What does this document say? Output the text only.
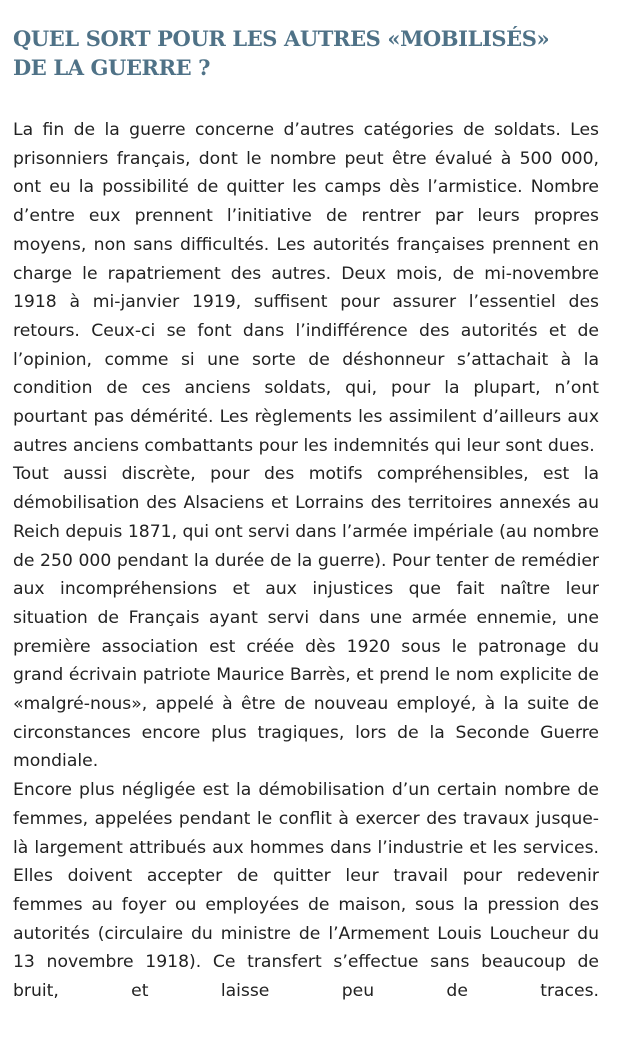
QUEL SORT POUR LES AUTRES «MOBILISÉS»
DE LA GUERRE ?

La fin de la guerre concerne d’autres catégories de soldats. Les prisonniers français, dont le nombre peut être évalué à 500 000, ont eu la possibilité de quitter les camps dès l’armistice. Nombre d’entre eux prennent l’initiative de rentrer par leurs propres moyens, non sans difficultés. Les autorités françaises prennent en charge le rapatriement des autres. Deux mois, de mi-novembre 1918 à mi-janvier 1919, suffisent pour assurer l’essentiel des retours. Ceux-ci se font dans l’indifférence des autorités et de l’opinion, comme si une sorte de déshonneur s’attachait à la condition de ces anciens soldats, qui, pour la plupart, n’ont pourtant pas démérité. Les règlements les assimilent d’ailleurs aux autres anciens combattants pour les indemnités qui leur sont dues.

Tout aussi discrète, pour des motifs compréhensibles, est la démobilisation des Alsaciens et Lorrains des territoires annexés au Reich depuis 1871, qui ont servi dans l’armée impériale (au nombre de 250 000 pendant la durée de la guerre). Pour tenter de remédier aux incompréhensions et aux injustices que fait naître leur situation de Français ayant servi dans une armée ennemie, une première association est créée dès 1920 sous le patronage du grand écrivain patriote Maurice Barrès, et prend le nom explicite de «malgré-nous», appelé à être de nouveau employé, à la suite de circonstances encore plus tragiques, lors de la Seconde Guerre mondiale.

Encore plus négligée est la démobilisation d’un certain nombre de femmes, appelées pendant le conflit à exercer des travaux jusque-là largement attribués aux hommes dans l’industrie et les services. Elles doivent accepter de quitter leur travail pour redevenir femmes au foyer ou employées de maison, sous la pression des autorités (circulaire du ministre de l’Armement Louis Loucheur du 13 novembre 1918). Ce transfert s’effectue sans beaucoup de bruit, et laisse peu de traces.
